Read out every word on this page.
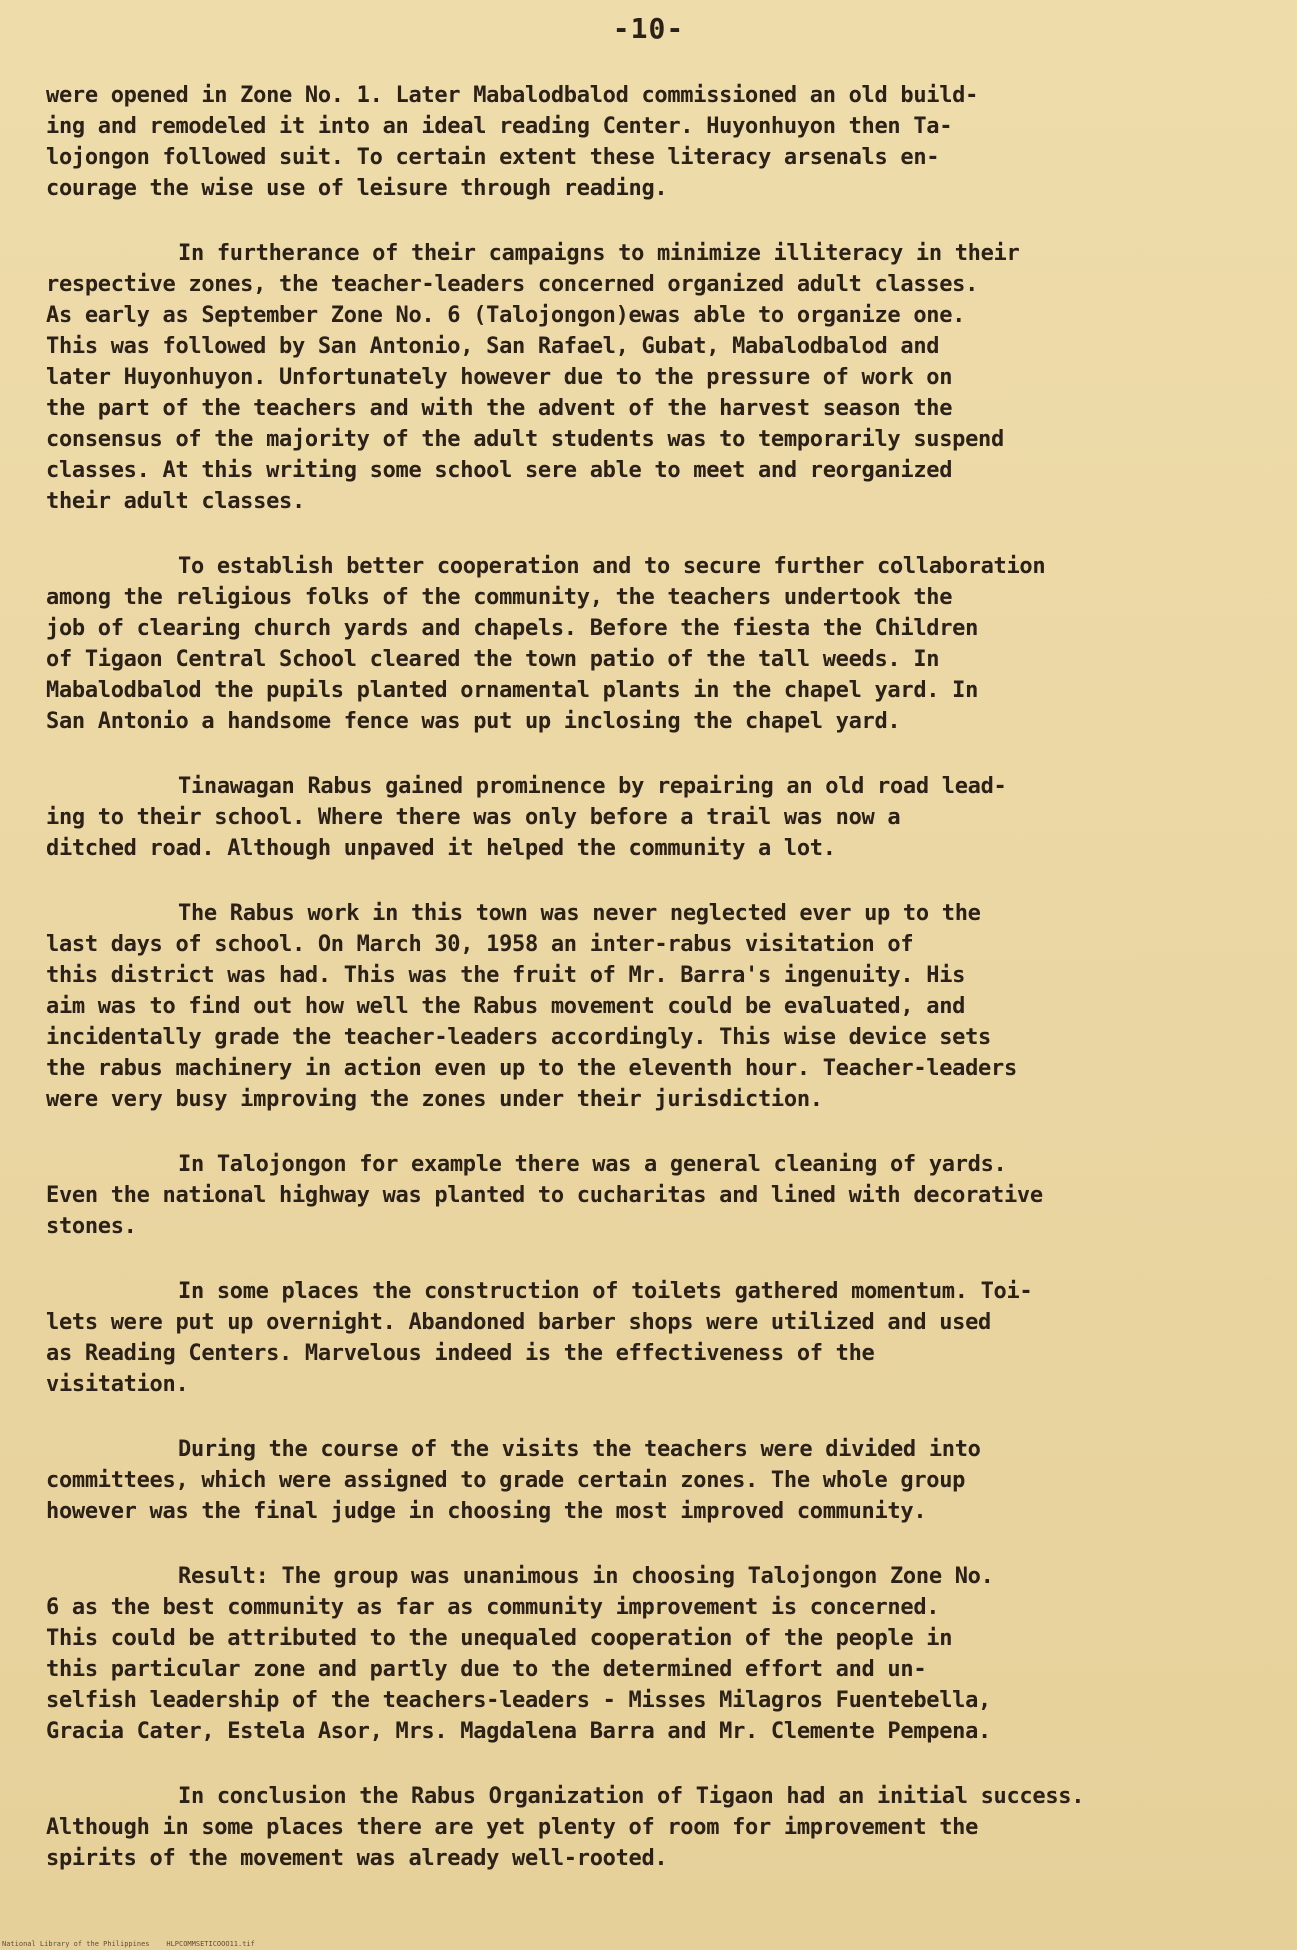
-10-
were opened in Zone No. 1. Later Mabalodbalod commissioned an old build-
ing and remodeled it into an ideal reading Center. Huyonhuyon then Ta-
lojongon followed suit. To certain extent these literacy arsenals en-
courage the wise use of leisure through reading.
In furtherance of their campaigns to minimize illiteracy in their
respective zones, the teacher-leaders concerned organized adult classes.
As early as September Zone No. 6 (Talojongon)ewas able to organize one.
This was followed by San Antonio, San Rafael, Gubat, Mabalodbalod and
later Huyonhuyon. Unfortunately however due to the pressure of work on
the part of the teachers and with the advent of the harvest season the
consensus of the majority of the adult students was to temporarily suspend
classes. At this writing some school sere able to meet and reorganized
their adult classes.
To establish better cooperation and to secure further collaboration
among the religious folks of the community, the teachers undertook the
job of clearing church yards and chapels. Before the fiesta the Children
of Tigaon Central School cleared the town patio of the tall weeds. In
Mabalodbalod the pupils planted ornamental plants in the chapel yard. In
San Antonio a handsome fence was put up inclosing the chapel yard.
Tinawagan Rabus gained prominence by repairing an old road lead-
ing to their school. Where there was only before a trail was now a
ditched road. Although unpaved it helped the community a lot.
The Rabus work in this town was never neglected ever up to the
last days of school. On March 30, 1958 an inter-rabus visitation of
this district was had. This was the fruit of Mr. Barra's ingenuity. His
aim was to find out how well the Rabus movement could be evaluated, and
incidentally grade the teacher-leaders accordingly. This wise device sets
the rabus machinery in action even up to the eleventh hour. Teacher-leaders
were very busy improving the zones under their jurisdiction.
In Talojongon for example there was a general cleaning of yards.
Even the national highway was planted to cucharitas and lined with decorative
stones.
In some places the construction of toilets gathered momentum. Toi-
lets were put up overnight. Abandoned barber shops were utilized and used
as Reading Centers. Marvelous indeed is the effectiveness of the
visitation.
During the course of the visits the teachers were divided into
committees, which were assigned to grade certain zones. The whole group
however was the final judge in choosing the most improved community.
Result: The group was unanimous in choosing Talojongon Zone No.
6 as the best community as far as community improvement is concerned.
This could be attributed to the unequaled cooperation of the people in
this particular zone and partly due to the determined effort and un-
selfish leadership of the teachers-leaders - Misses Milagros Fuentebella,
Gracia Cater, Estela Asor, Mrs. Magdalena Barra and Mr. Clemente Pempena.
In conclusion the Rabus Organization of Tigaon had an initial success.
Although in some places there are yet plenty of room for improvement the
spirits of the movement was already well-rooted.
National Library of the Philippines    HLPCOMMSETICOOO11.tif
